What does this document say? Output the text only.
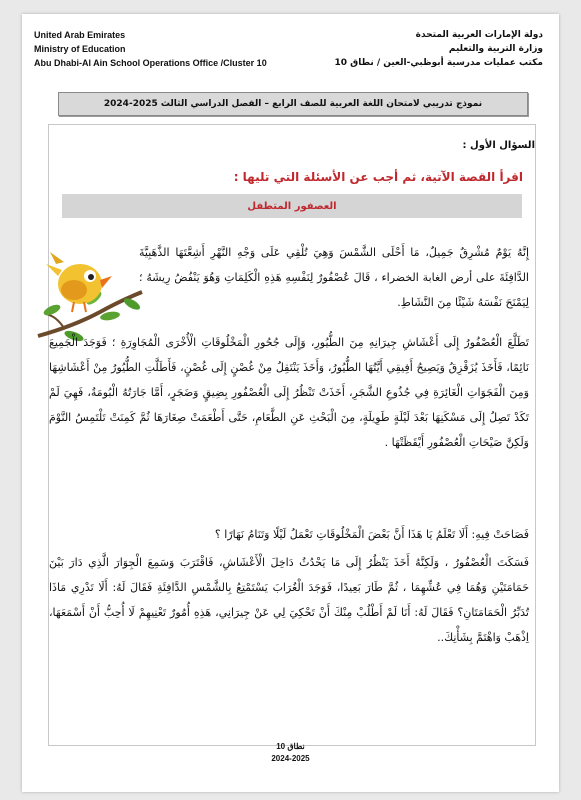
United Arab Emirates
Ministry of Education
Abu Dhabi-Al Ain School Operations Office /Cluster 10
دولة الإمارات العربية المتحدة
وزارة التربية والتعليم
مكتب عمليات مدرسية أبوظبي-العين / نطاق 10
نموذج تدريبي لامتحان اللغة العربية للصف الرابع – الفصل الدراسي الثالث 2025-2024
السؤال الأول :
اقرأ القصة الآتية، ثم أجب عن الأسئلة التي تليها :
العصفور المتطفل
إِنَّهُ يَوْمٌ مُشْرِقٌ جَمِيلٌ، مَا أَحْلَى الشَّمْسَ وَهِيَ تُلْقِي عَلَى وَجْهِ النَّهْرِ أَشِعَّتَهَا الذَّهَبِيَّةَ الدَّافِئَةَ على أرض الغابة الخضراء ، قَالَ عُصْفُورٌ لِنَفْسِهِ هَذِهِ الْكَلِمَاتِ وَهُوَ يَنْفُضُ رِيشَهُ ؛ لِيَمْنَحَ نَفْسَهُ شَيْئًا مِنَ النَّشَاطِ.
تَطَلَّعَ الْعُصْفُورُ إِلَى أَعْشَاشِ جِيرَانِهِ مِنَ الطُّيُورِ، وَإِلَى جُحُورِ الْمَخْلُوقَاتِ الْأُخْرَى الْمُجَاوِرَةِ ؛ فَوَجَدَ الْجَمِيعَ نَائِمًا، فَأَخَذَ يُزَقْزِقُ وَيَصِيحُ أَفِيقِي أَيَّتُهَا الطُّيُورُ، وَأَخَذَ يَنْتَقِلُ مِنْ غُصْنٍ إِلَى غُصْنٍ، فَأَطَلَّتِ الطُّيُورُ مِنْ أَعْشَاشِهَا وَمِنَ الْفَجَوَاتِ الْغَائِرَةِ فِي جُذُوعِ الشَّجَرِ، أَخَذَتْ تَنْظُرُ إِلَى الْعُصْفُورِ بِضِيقٍ وَضَجَرٍ، أَمَّا جَارَتُهُ الْبُومَةُ، فَهِيَ لَمْ تَكَدْ تَصِلُ إِلَى مَسْكَنِهَا بَعْدَ لَيْلَةٍ طَوِيلَةٍ، مِنَ الْبَحْثِ عَنِ الطَّعَامِ، حَتَّى أَطْعَمَتْ صِغَارَهَا ثُمَّ كَمِنَتْ تَلْتَمِسُ النَّوْمَ وَلَكِنَّ صَيْحَاتِ الْعُصْفُورِ أَيْقَظَتْهَا .
فَصَاحَتْ فِيهِ: أَلَا تَعْلَمُ يَا هَذَا أَنَّ بَعْضَ الْمَخْلُوقَاتِ تَعْمَلُ لَيْلًا وَتَنَامُ نَهَارًا ؟
فَسَكَتَ الْعُصْفُورُ ، وَلَكِنَّهُ أَخَذَ يَنْظُرُ إِلَى مَا يَحْدُثُ دَاخِلَ الْأَعْشَاشِ، فَاقْتَرَبَ وَسَمِعَ الْجِوَارَ الَّذِي دَارَ بَيْنَ حَمَامَتَيْنِ وَهُمَا فِي عُشِّهِمَا ، ثُمَّ طَارَ بَعِيدًا، فَوَجَدَ الْغُرَابَ يَسْتَمْتِعُ بِالشَّمْسِ الدَّافِئَةِ فَقَالَ لَهُ: أَلَا تَدْرِي مَاذَا تُدَبِّرُ الْحَمَامَتَانِ؟ فَقَالَ لَهُ: أَنَا لَمْ أَطْلُبْ مِنْكَ أَنْ تَحْكِيَ لِي عَنْ جِيرَانِي، هَذِهِ أُمُورٌ تَعْنِيهِمْ لَا أُحِبُّ أَنْ أَسْمَعَهَا، اِذْهَبْ وَاهْتَمَّ بِشَأْنِكَ..
نطاق 10
2024-2025
